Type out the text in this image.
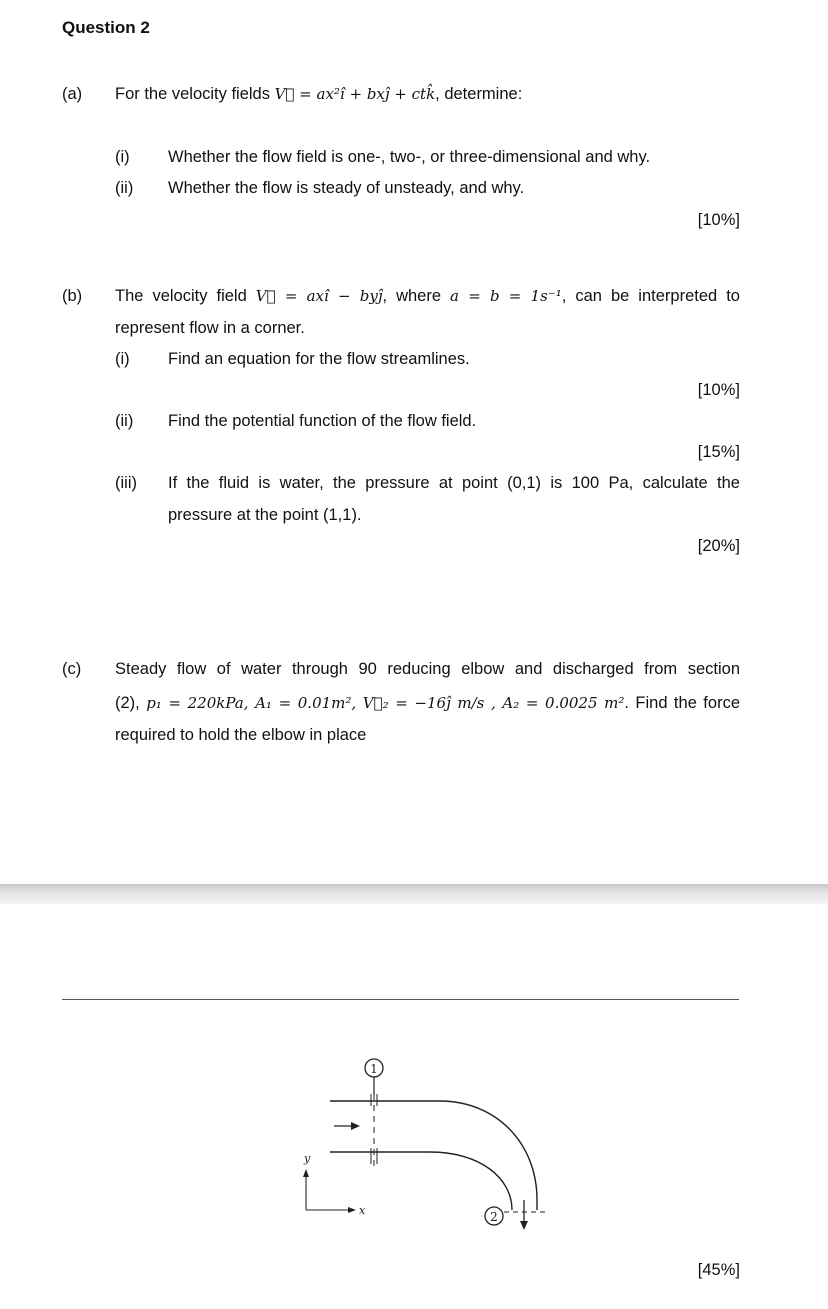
Question 2
(a) For the velocity fields V⃗ = ax²î + bxĵ + ctk̂, determine:
(i) Whether the flow field is one-, two-, or three-dimensional and why.
(ii) Whether the flow is steady of unsteady, and why.
[10%]
(b) The velocity field V⃗ = axî − byĵ, where a = b = 1s⁻¹, can be interpreted to
represent flow in a corner.
(i) Find an equation for the flow streamlines.
[10%]
(ii) Find the potential function of the flow field.
[15%]
(iii) If the fluid is water, the pressure at point (0,1) is 100 Pa, calculate the
pressure at the point (1,1).
[20%]
(c) Steady flow of water through 90 reducing elbow and discharged from section
(2), p₁ = 220kPa, A₁ = 0.01m², V⃗₂ = −16ĵ m/s , A₂ = 0.0025 m². Find the force
required to hold the elbow in place
1
2
y
x
[45%]
